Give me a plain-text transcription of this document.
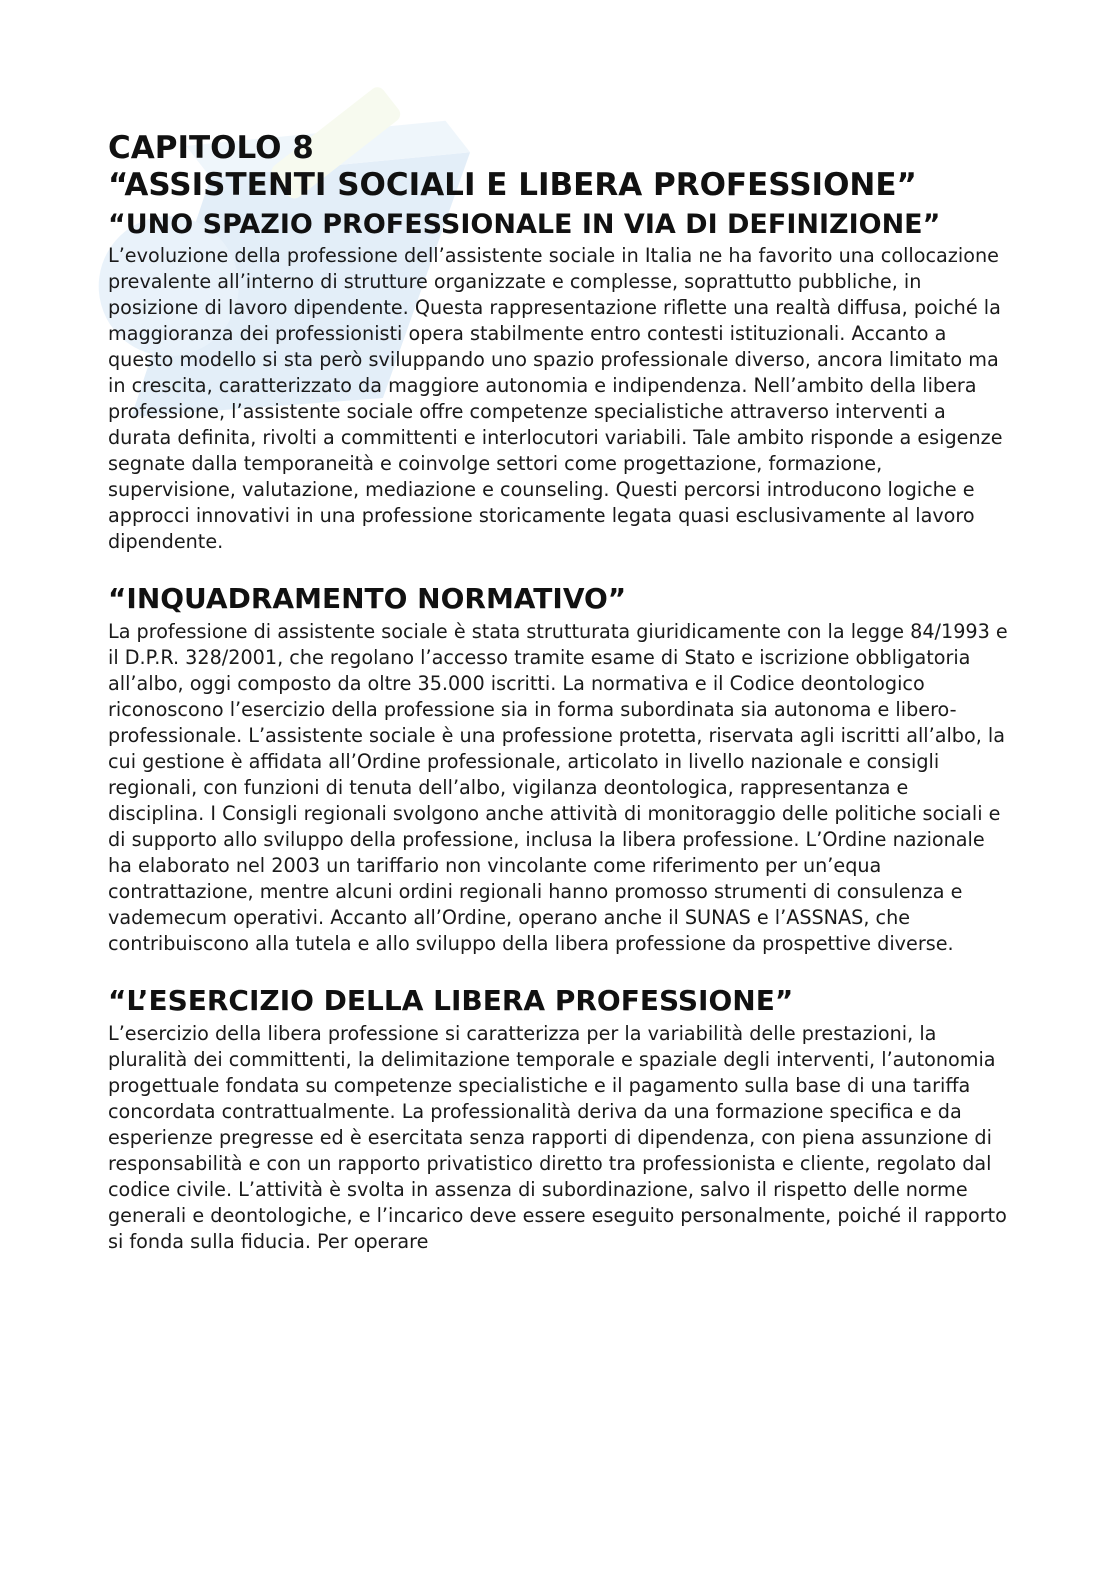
CAPITOLO 8
“ASSISTENTI SOCIALI E LIBERA PROFESSIONE”
“UNO SPAZIO PROFESSIONALE IN VIA DI DEFINIZIONE”

L’evoluzione della professione dell’assistente sociale in Italia ne ha favorito una collocazione prevalente all’interno di strutture organizzate e complesse, soprattutto pubbliche, in posizione di lavoro dipendente. Questa rappresentazione riflette una realtà diffusa, poiché la maggioranza dei professionisti opera stabilmente entro contesti istituzionali. Accanto a questo modello si sta però sviluppando uno spazio professionale diverso, ancora limitato ma in crescita, caratterizzato da maggiore autonomia e indipendenza. Nell’ambito della libera professione, l’assistente sociale offre competenze specialistiche attraverso interventi a durata definita, rivolti a committenti e interlocutori variabili. Tale ambito risponde a esigenze segnate dalla temporaneità e coinvolge settori come progettazione, formazione, supervisione, valutazione, mediazione e counseling. Questi percorsi introducono logiche e approcci innovativi in una professione storicamente legata quasi esclusivamente al lavoro dipendente.

“INQUADRAMENTO NORMATIVO”

La professione di assistente sociale è stata strutturata giuridicamente con la legge 84/1993 e il D.P.R. 328/2001, che regolano l’accesso tramite esame di Stato e iscrizione obbligatoria all’albo, oggi composto da oltre 35.000 iscritti. La normativa e il Codice deontologico riconoscono l’esercizio della professione sia in forma subordinata sia autonoma e libero-professionale. L’assistente sociale è una professione protetta, riservata agli iscritti all’albo, la cui gestione è affidata all’Ordine professionale, articolato in livello nazionale e consigli regionali, con funzioni di tenuta dell’albo, vigilanza deontologica, rappresentanza e disciplina. I Consigli regionali svolgono anche attività di monitoraggio delle politiche sociali e di supporto allo sviluppo della professione, inclusa la libera professione. L’Ordine nazionale ha elaborato nel 2003 un tariffario non vincolante come riferimento per un’equa contrattazione, mentre alcuni ordini regionali hanno promosso strumenti di consulenza e vademecum operativi. Accanto all’Ordine, operano anche il SUNAS e l’ASSNAS, che contribuiscono alla tutela e allo sviluppo della libera professione da prospettive diverse.

“L’ESERCIZIO DELLA LIBERA PROFESSIONE”

L’esercizio della libera professione si caratterizza per la variabilità delle prestazioni, la pluralità dei committenti, la delimitazione temporale e spaziale degli interventi, l’autonomia progettuale fondata su competenze specialistiche e il pagamento sulla base di una tariffa concordata contrattualmente. La professionalità deriva da una formazione specifica e da esperienze pregresse ed è esercitata senza rapporti di dipendenza, con piena assunzione di responsabilità e con un rapporto privatistico diretto tra professionista e cliente, regolato dal codice civile. L’attività è svolta in assenza di subordinazione, salvo il rispetto delle norme generali e deontologiche, e l’incarico deve essere eseguito personalmente, poiché il rapporto si fonda sulla fiducia. Per operare
